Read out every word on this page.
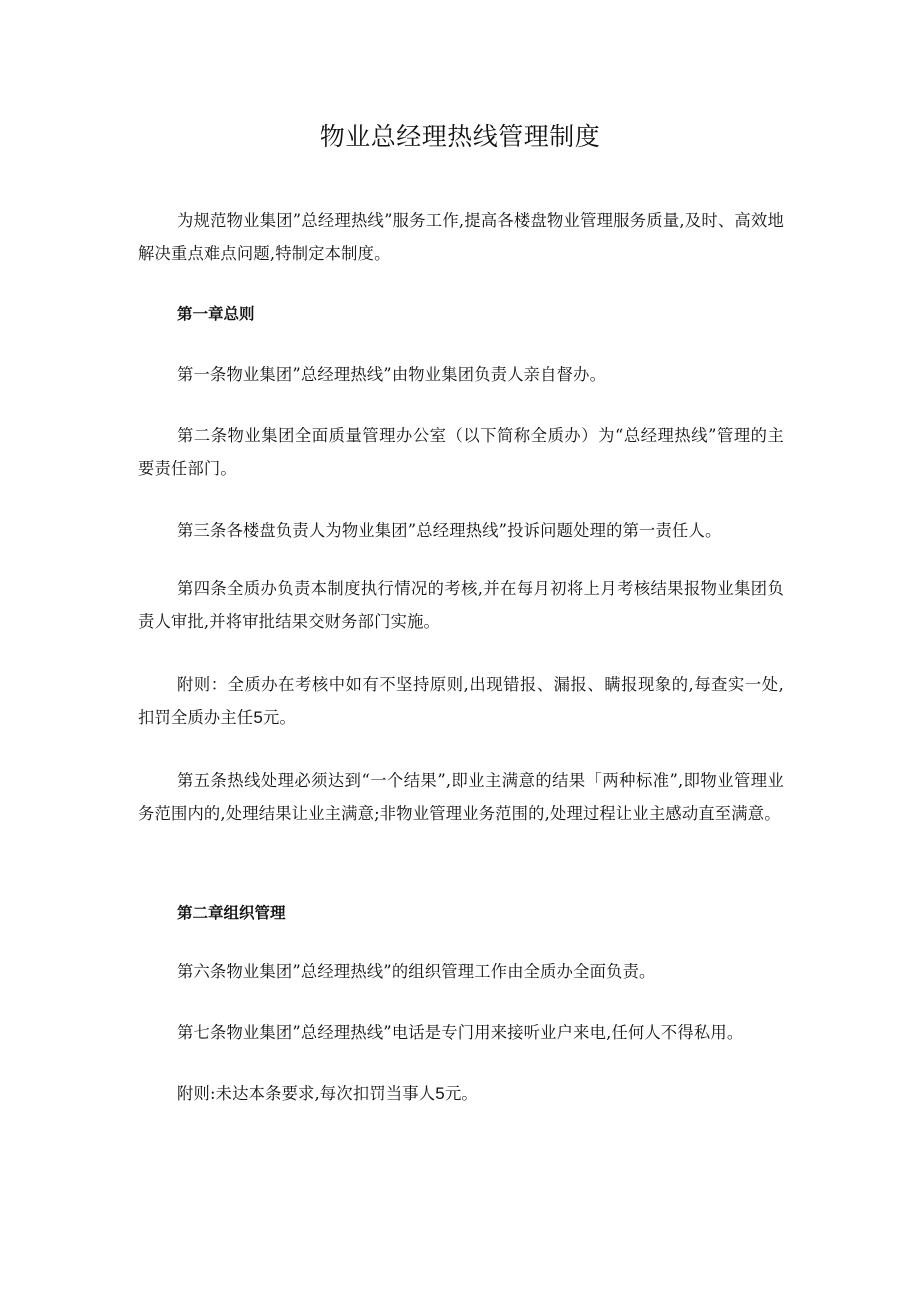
物业总经理热线管理制度

为规范物业集团”总经理热线”服务工作,提高各楼盘物业管理服务质量,及时、高效地解决重点难点问题,特制定本制度。

第一章总则

第一条物业集团”总经理热线”由物业集团负责人亲自督办。

第二条物业集团全面质量管理办公室（以下简称全质办）为“总经理热线”管理的主要责任部门。

第三条各楼盘负责人为物业集团”总经理热线”投诉问题处理的第一责任人。

第四条全质办负责本制度执行情况的考核,并在每月初将上月考核结果报物业集团负责人审批,并将审批结果交财务部门实施。

附则：全质办在考核中如有不坚持原则,出现错报、漏报、瞒报现象的,每查实一处,扣罚全质办主任5元。

第五条热线处理必须达到“一个结果”,即业主满意的结果「两种标准”,即物业管理业务范围内的,处理结果让业主满意;非物业管理业务范围的,处理过程让业主感动直至满意。

第二章组织管理

第六条物业集团”总经理热线”的组织管理工作由全质办全面负责。

第七条物业集团”总经理热线”电话是专门用来接听业户来电,任何人不得私用。

附则:未达本条要求,每次扣罚当事人5元。
